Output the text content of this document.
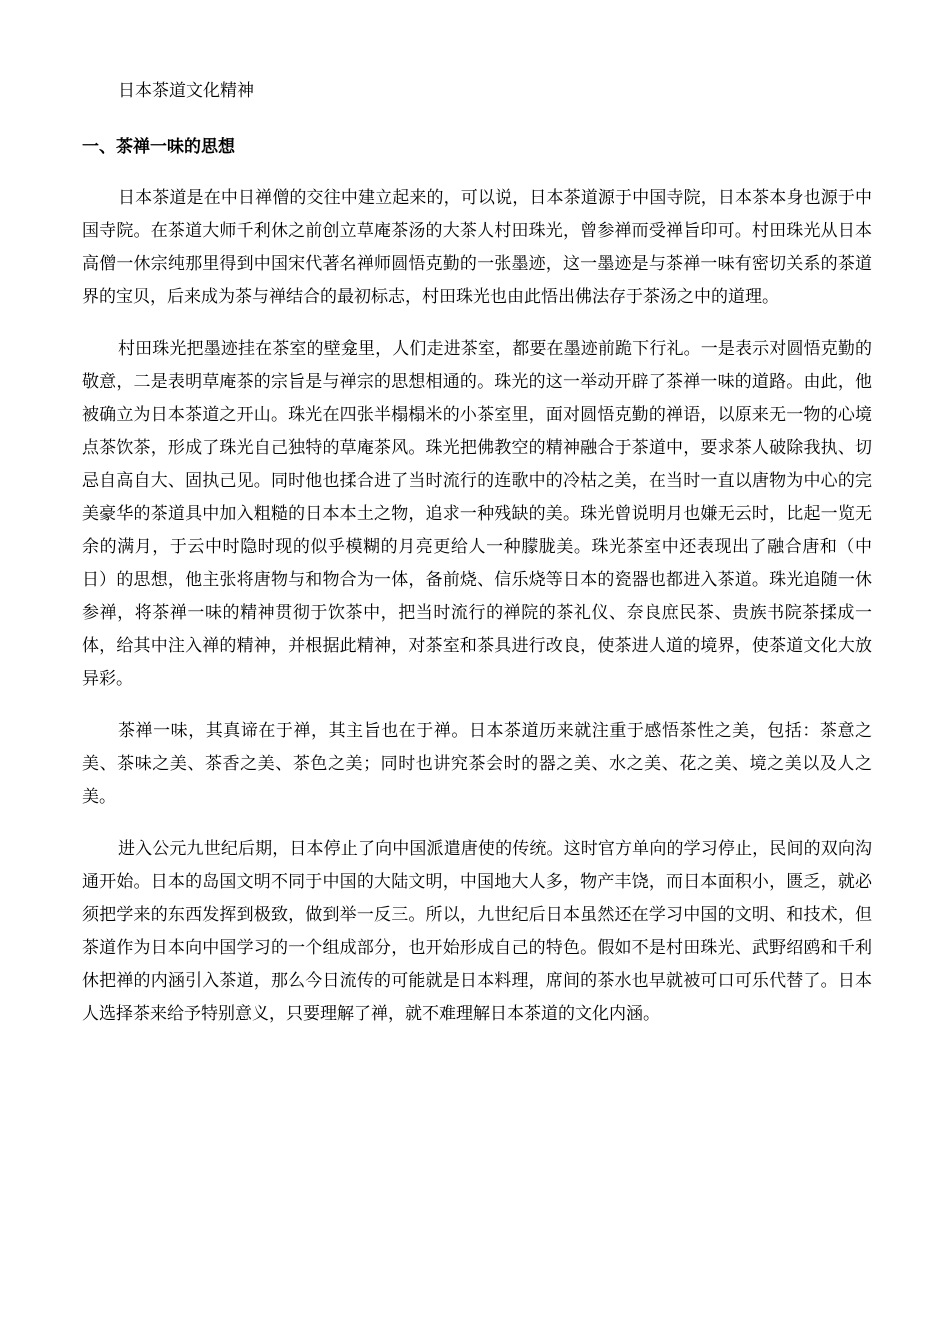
日本茶道文化精神
一、茶禅一味的思想

日本茶道是在中日禅僧的交往中建立起来的，可以说，日本茶道源于中国寺院，日本茶本身也源于中国寺院。在茶道大师千利休之前创立草庵茶汤的大茶人村田珠光，曾参禅而受禅旨印可。村田珠光从日本高僧一休宗纯那里得到中国宋代著名禅师圆悟克勤的一张墨迹，这一墨迹是与茶禅一味有密切关系的茶道界的宝贝，后来成为茶与禅结合的最初标志，村田珠光也由此悟出佛法存于茶汤之中的道理。

村田珠光把墨迹挂在茶室的壁龛里，人们走进茶室，都要在墨迹前跪下行礼。一是表示对圆悟克勤的敬意，二是表明草庵茶的宗旨是与禅宗的思想相通的。珠光的这一举动开辟了茶禅一味的道路。由此，他被确立为日本茶道之开山。珠光在四张半榻榻米的小茶室里，面对圆悟克勤的禅语，以原来无一物的心境点茶饮茶，形成了珠光自己独特的草庵茶风。珠光把佛教空的精神融合于茶道中，要求茶人破除我执、切忌自高自大、固执己见。同时他也揉合进了当时流行的连歌中的冷枯之美，在当时一直以唐物为中心的完美豪华的茶道具中加入粗糙的日本本土之物，追求一种残缺的美。珠光曾说明月也嫌无云时，比起一览无余的满月，于云中时隐时现的似乎模糊的月亮更给人一种朦胧美。珠光茶室中还表现出了融合唐和（中日）的思想，他主张将唐物与和物合为一体，备前烧、信乐烧等日本的瓷器也都进入茶道。珠光追随一休参禅，将茶禅一味的精神贯彻于饮茶中，把当时流行的禅院的茶礼仪、奈良庶民茶、贵族书院茶揉成一体，给其中注入禅的精神，并根据此精神，对茶室和茶具进行改良，使茶进人道的境界，使茶道文化大放异彩。

茶禅一味，其真谛在于禅，其主旨也在于禅。日本茶道历来就注重于感悟茶性之美，包括：茶意之美、茶味之美、茶香之美、茶色之美；同时也讲究茶会时的器之美、水之美、花之美、境之美以及人之美。

进入公元九世纪后期，日本停止了向中国派遣唐使的传统。这时官方单向的学习停止，民间的双向沟通开始。日本的岛国文明不同于中国的大陆文明，中国地大人多，物产丰饶，而日本面积小，匮乏，就必须把学来的东西发挥到极致，做到举一反三。所以，九世纪后日本虽然还在学习中国的文明、和技术，但茶道作为日本向中国学习的一个组成部分，也开始形成自己的特色。假如不是村田珠光、武野绍鸥和千利休把禅的内涵引入茶道，那么今日流传的可能就是日本料理，席间的茶水也早就被可口可乐代替了。日本人选择茶来给予特别意义，只要理解了禅，就不难理解日本茶道的文化内涵。
